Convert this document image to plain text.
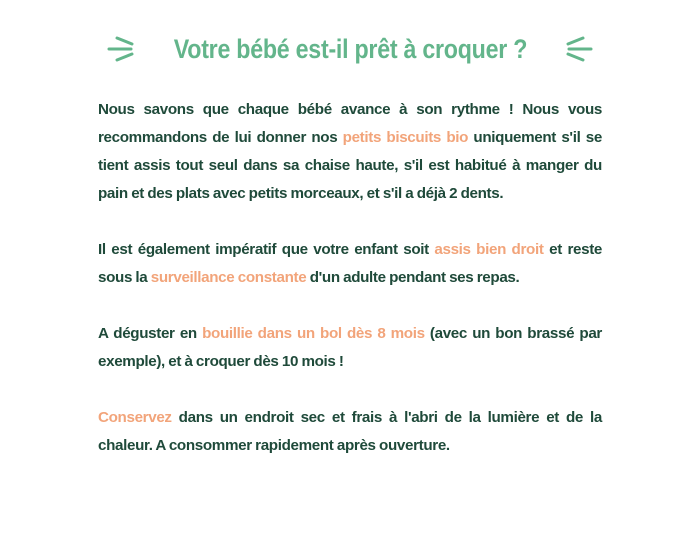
Votre bébé est-il prêt à croquer ?

Nous savons que chaque bébé avance à son rythme ! Nous vous recommandons de lui donner nos petits biscuits bio uniquement s'il se tient assis tout seul dans sa chaise haute, s'il est habitué à manger du pain et des plats avec petits morceaux, et s'il a déjà 2 dents.

Il est également impératif que votre enfant soit assis bien droit et reste sous la surveillance constante d'un adulte pendant ses repas.

A déguster en bouillie dans un bol dès 8 mois (avec un bon brassé par exemple), et à croquer dès 10 mois !

Conservez dans un endroit sec et frais à l'abri de la lumière et de la chaleur. A consommer rapidement après ouverture.
